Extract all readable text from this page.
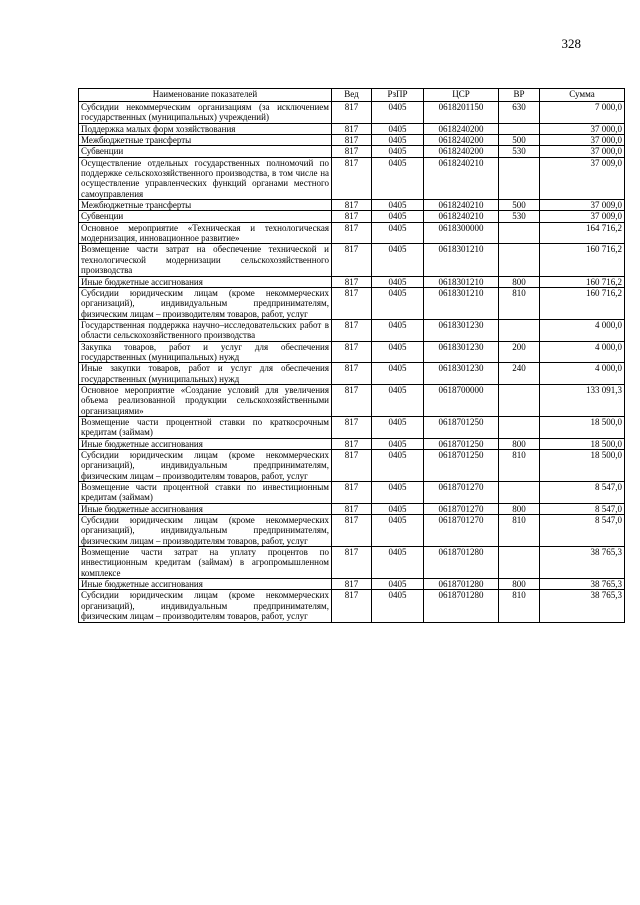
328
Наименование показателей	Вед	РзПР	ЦСР	ВР	Сумма
Субсидии некоммерческим организациям (за исключением государственных (муниципальных) учреждений)	817	0405	0618201150	630	7 000,0
Поддержка малых форм хозяйствования	817	0405	0618240200		37 000,0
Межбюджетные трансферты	817	0405	0618240200	500	37 000,0
Субвенции	817	0405	0618240200	530	37 000,0
Осуществление отдельных государственных полномочий по поддержке сельскохозяйственного производства, в том числе на осуществление управленческих функций органами местного самоуправления	817	0405	0618240210		37 009,0
Межбюджетные трансферты	817	0405	0618240210	500	37 009,0
Субвенции	817	0405	0618240210	530	37 009,0
Основное мероприятие «Техническая и технологическая модернизация, инновационное развитие»	817	0405	0618300000		164 716,2
Возмещение части затрат на обеспечение технической и технологической модернизации сельскохозяйственного производства	817	0405	0618301210		160 716,2
Иные бюджетные ассигнования	817	0405	0618301210	800	160 716,2
Субсидии юридическим лицам (кроме некоммерческих организаций), индивидуальным предпринимателям, физическим лицам – производителям товаров, работ, услуг	817	0405	0618301210	810	160 716,2
Государственная поддержка научно–исследовательских работ в области сельскохозяйственного производства	817	0405	0618301230		4 000,0
Закупка товаров, работ и услуг для обеспечения государственных (муниципальных) нужд	817	0405	0618301230	200	4 000,0
Иные закупки товаров, работ и услуг для обеспечения государственных (муниципальных) нужд	817	0405	0618301230	240	4 000,0
Основное мероприятие «Создание условий для увеличения объема реализованной продукции сельскохозяйственными организациями»	817	0405	0618700000		133 091,3
Возмещение части процентной ставки по краткосрочным кредитам (займам)	817	0405	0618701250		18 500,0
Иные бюджетные ассигнования	817	0405	0618701250	800	18 500,0
Субсидии юридическим лицам (кроме некоммерческих организаций), индивидуальным предпринимателям, физическим лицам – производителям товаров, работ, услуг	817	0405	0618701250	810	18 500,0
Возмещение части процентной ставки по инвестиционным кредитам (займам)	817	0405	0618701270		8 547,0
Иные бюджетные ассигнования	817	0405	0618701270	800	8 547,0
Субсидии юридическим лицам (кроме некоммерческих организаций), индивидуальным предпринимателям, физическим лицам – производителям товаров, работ, услуг	817	0405	0618701270	810	8 547,0
Возмещение части затрат на уплату процентов по инвестиционным кредитам (займам) в агропромышленном комплексе	817	0405	0618701280		38 765,3
Иные бюджетные ассигнования	817	0405	0618701280	800	38 765,3
Субсидии юридическим лицам (кроме некоммерческих организаций), индивидуальным предпринимателям, физическим лицам – производителям товаров, работ, услуг	817	0405	0618701280	810	38 765,3
